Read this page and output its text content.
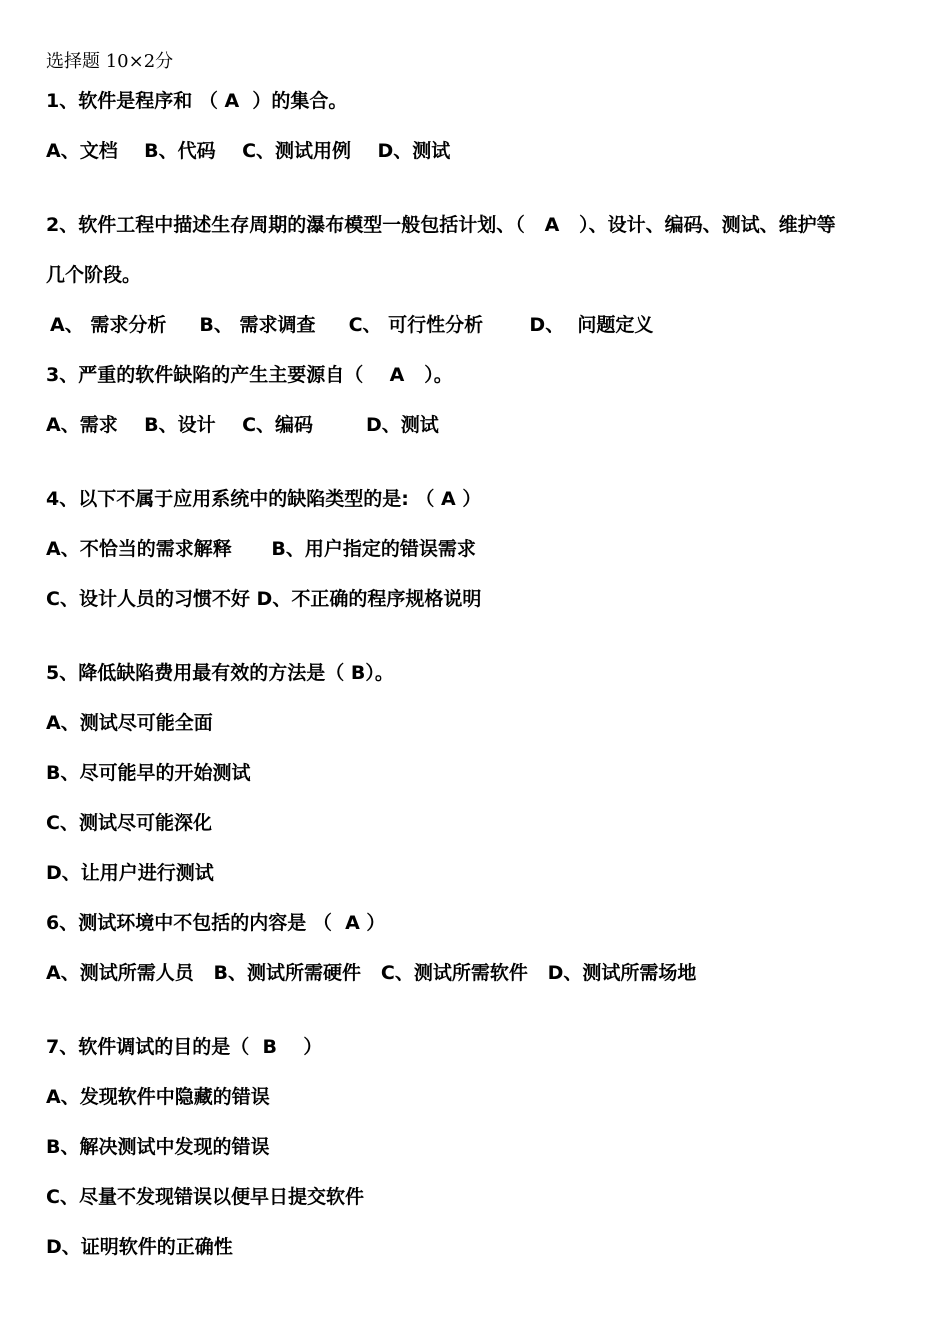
选择题 10×2分
1、软件是程序和 （ A  ）的集合。
A、文档    B、代码    C、测试用例    D、测试
2、软件工程中描述生存周期的瀑布模型一般包括计划、（   A   ）、设计、编码、测试、维护等
几个阶段。
A、 需求分析     B、 需求调查     C、 可行性分析       D、  问题定义
3、严重的软件缺陷的产生主要源自（    A   ）。
A、需求    B、设计    C、编码        D、测试
4、以下不属于应用系统中的缺陷类型的是: （ A ）
A、不恰当的需求解释      B、用户指定的错误需求
C、设计人员的习惯不好 D、不正确的程序规格说明
5、降低缺陷费用最有效的方法是（ B）。
A、测试尽可能全面
B、尽可能早的开始测试
C、测试尽可能深化
D、让用户进行测试
6、测试环境中不包括的内容是 （  A ）
A、测试所需人员   B、测试所需硬件   C、测试所需软件   D、测试所需场地
7、软件调试的目的是（  B    ）
A、发现软件中隐藏的错误
B、解决测试中发现的错误
C、尽量不发现错误以便早日提交软件
D、证明软件的正确性
